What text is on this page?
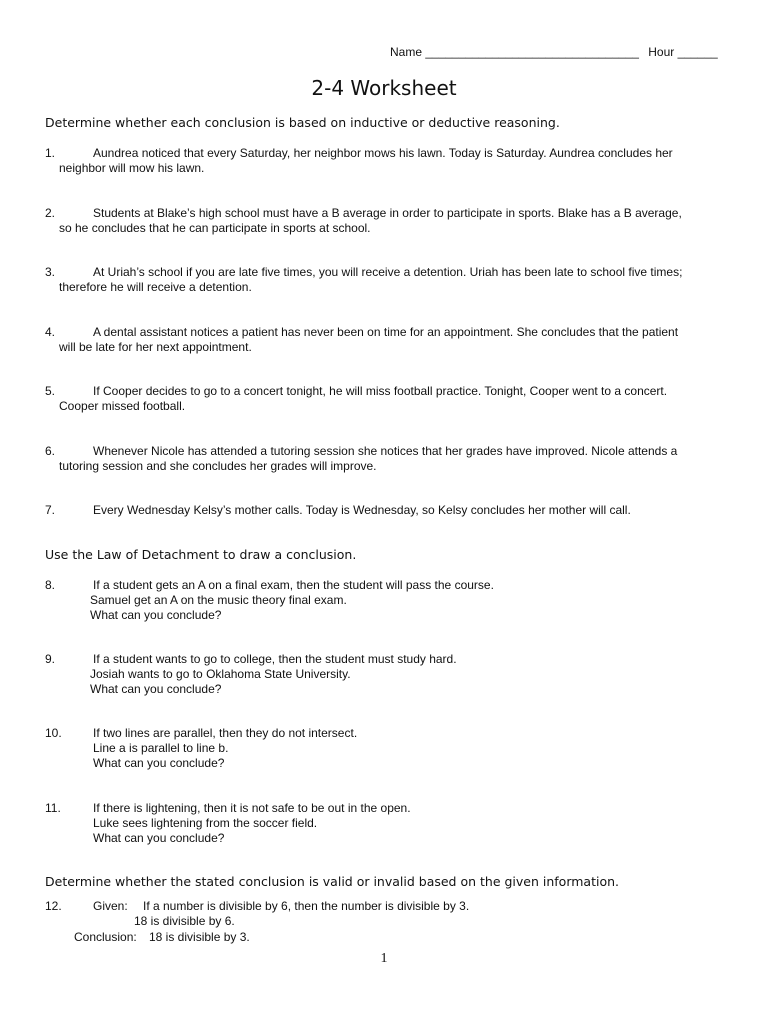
Name ________________________________ Hour ______
2-4 Worksheet
Determine whether each conclusion is based on inductive or deductive reasoning.
1.	Aundrea noticed that every Saturday, her neighbor mows his lawn. Today is Saturday. Aundrea concludes her
neighbor will mow his lawn.
2.	Students at Blake’s high school must have a B average in order to participate in sports. Blake has a B average,
so he concludes that he can participate in sports at school.
3.	At Uriah’s school if you are late five times, you will receive a detention. Uriah has been late to school five times;
therefore he will receive a detention.
4.	A dental assistant notices a patient has never been on time for an appointment. She concludes that the patient
will be late for her next appointment.
5.	If Cooper decides to go to a concert tonight, he will miss football practice. Tonight, Cooper went to a concert.
Cooper missed football.
6.	Whenever Nicole has attended a tutoring session she notices that her grades have improved. Nicole attends a
tutoring session and she concludes her grades will improve.
7.	Every Wednesday Kelsy’s mother calls. Today is Wednesday, so Kelsy concludes her mother will call.
Use the Law of Detachment to draw a conclusion.
8.	If a student gets an A on a final exam, then the student will pass the course.
Samuel get an A on the music theory final exam.
What can you conclude?
9.	If a student wants to go to college, then the student must study hard.
Josiah wants to go to Oklahoma State University.
What can you conclude?
10.	If two lines are parallel, then they do not intersect.
Line a is parallel to line b.
What can you conclude?
11.	If there is lightening, then it is not safe to be out in the open.
Luke sees lightening from the soccer field.
What can you conclude?
Determine whether the stated conclusion is valid or invalid based on the given information.
12.	Given: If a number is divisible by 6, then the number is divisible by 3.
18 is divisible by 6.
Conclusion: 18 is divisible by 3.
1
